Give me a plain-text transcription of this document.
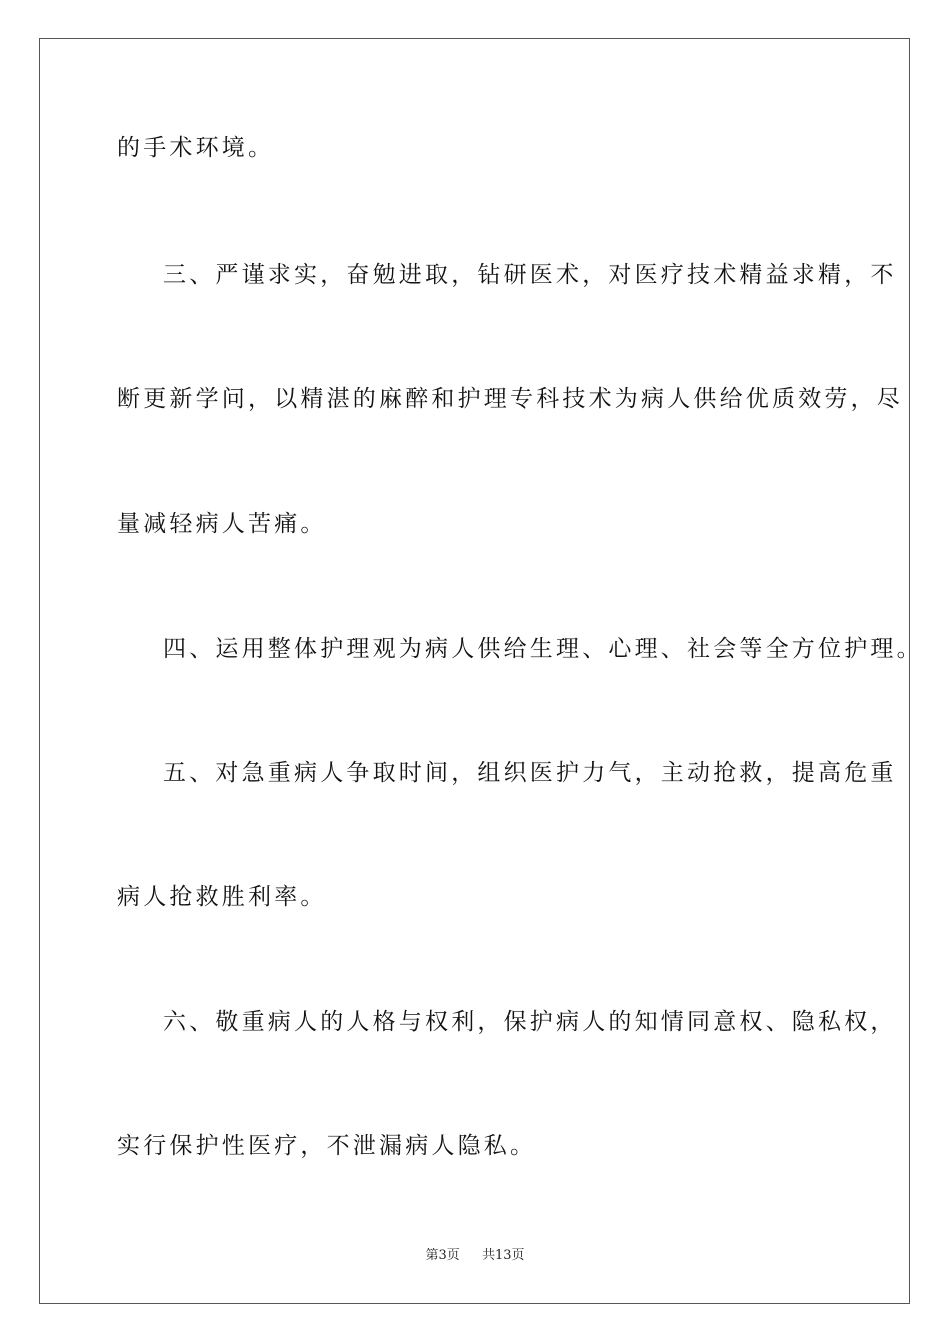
的手术环境。

三、严谨求实，奋勉进取，钻研医术，对医疗技术精益求精，不

断更新学问，以精湛的麻醉和护理专科技术为病人供给优质效劳，尽

量减轻病人苦痛。

四、运用整体护理观为病人供给生理、心理、社会等全方位护理。

五、对急重病人争取时间，组织医护力气，主动抢救，提高危重

病人抢救胜利率。

六、敬重病人的人格与权利，保护病人的知情同意权、隐私权，

实行保护性医疗，不泄漏病人隐私。

第3页 共13页
